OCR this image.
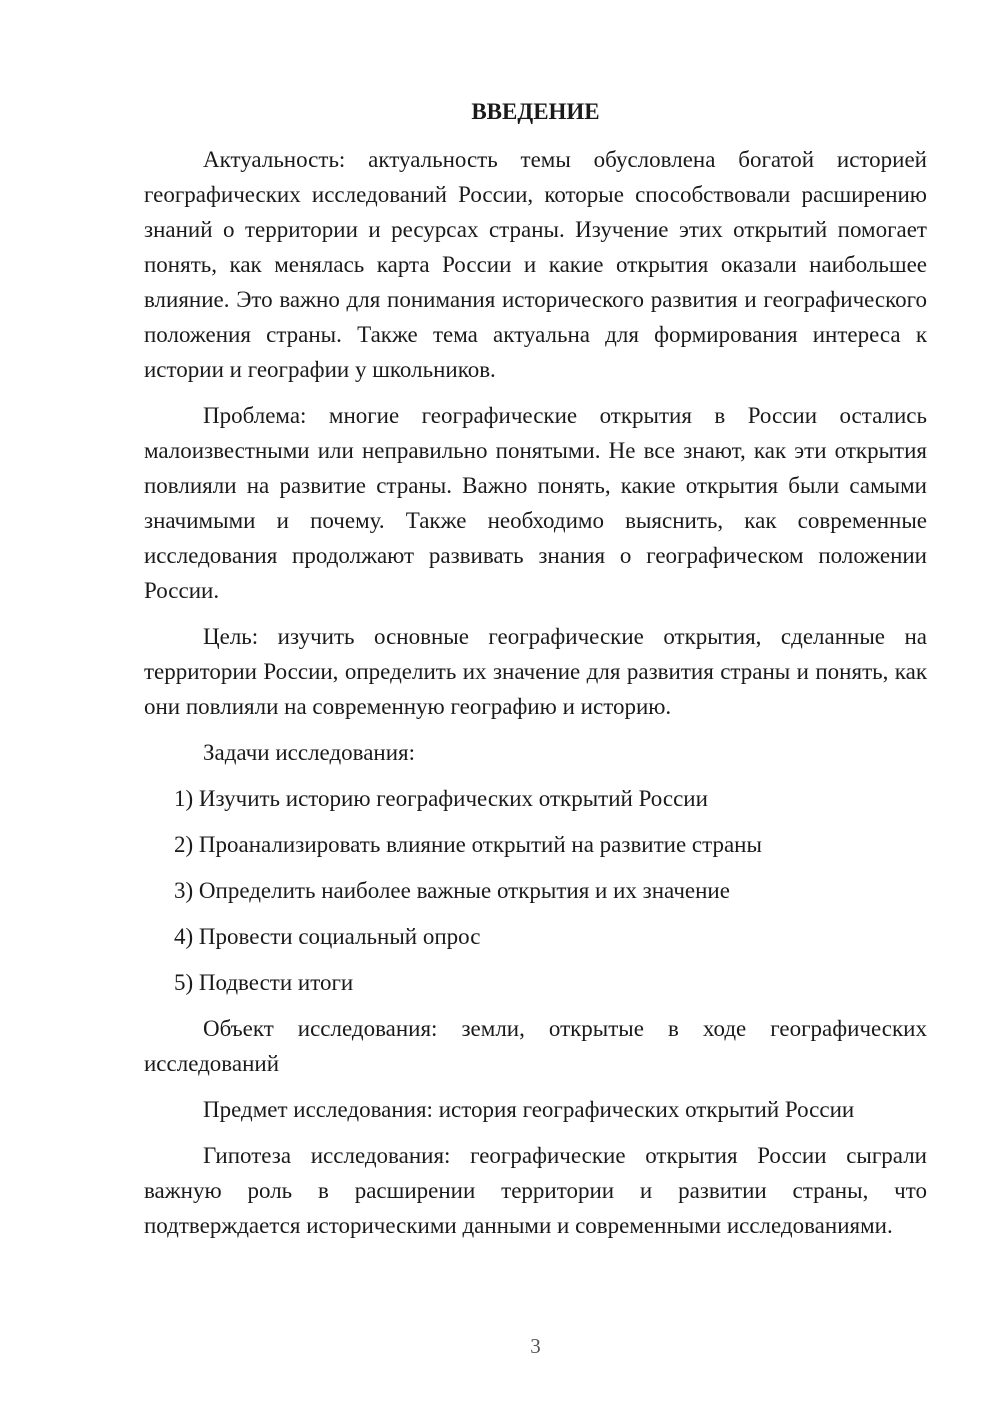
ВВЕДЕНИЕ

Актуальность: актуальность темы обусловлена богатой историей географических исследований России, которые способствовали расширению знаний о территории и ресурсах страны. Изучение этих открытий помогает понять, как менялась карта России и какие открытия оказали наибольшее влияние. Это важно для понимания исторического развития и географического положения страны. Также тема актуальна для формирования интереса к истории и географии у школьников.

Проблема: многие географические открытия в России остались малоизвестными или неправильно понятыми. Не все знают, как эти открытия повлияли на развитие страны. Важно понять, какие открытия были самыми значимыми и почему. Также необходимо выяснить, как современные исследования продолжают развивать знания о географическом положении России.

Цель: изучить основные географические открытия, сделанные на территории России, определить их значение для развития страны и понять, как они повлияли на современную географию и историю.

Задачи исследования:

1) Изучить историю географических открытий России

2) Проанализировать влияние открытий на развитие страны

3) Определить наиболее важные открытия и их значение

4) Провести социальный опрос

5) Подвести итоги

Объект исследования: земли, открытые в ходе географических исследований

Предмет исследования: история географических открытий России

Гипотеза исследования: географические открытия России сыграли важную роль в расширении территории и развитии страны, что подтверждается историческими данными и современными исследованиями.

3
